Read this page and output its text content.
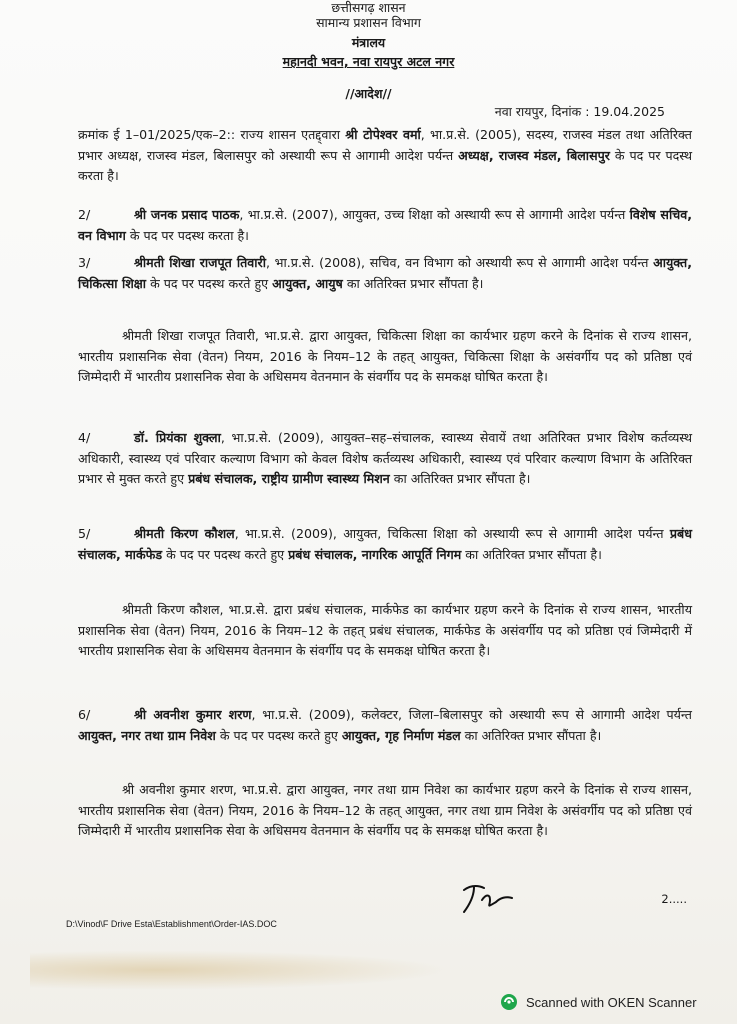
छत्तीसगढ़ शासन
सामान्य प्रशासन विभाग
मंत्रालय
महानदी भवन, नवा रायपुर अटल नगर
//आदेश//
नवा रायपुर, दिनांक : 19.04.2025

क्रमांक ई 1–01/2025/एक–2:: राज्य शासन एतद्द्वारा श्री टोपेश्वर वर्मा, भा.प्र.से. (2005), सदस्य, राजस्व मंडल तथा अतिरिक्त प्रभार अध्यक्ष, राजस्व मंडल, बिलासपुर को अस्थायी रूप से आगामी आदेश पर्यन्त अध्यक्ष, राजस्व मंडल, बिलासपुर के पद पर पदस्थ करता है।

2/	श्री जनक प्रसाद पाठक, भा.प्र.से. (2007), आयुक्त, उच्च शिक्षा को अस्थायी रूप से आगामी आदेश पर्यन्त विशेष सचिव, वन विभाग के पद पर पदस्थ करता है।

3/	श्रीमती शिखा राजपूत तिवारी, भा.प्र.से. (2008), सचिव, वन विभाग को अस्थायी रूप से आगामी आदेश पर्यन्त आयुक्त, चिकित्सा शिक्षा के पद पर पदस्थ करते हुए आयुक्त, आयुष का अतिरिक्त प्रभार सौंपता है।

श्रीमती शिखा राजपूत तिवारी, भा.प्र.से. द्वारा आयुक्त, चिकित्सा शिक्षा का कार्यभार ग्रहण करने के दिनांक से राज्य शासन, भारतीय प्रशासनिक सेवा (वेतन) नियम, 2016 के नियम–12 के तहत् आयुक्त, चिकित्सा शिक्षा के असंवर्गीय पद को प्रतिष्ठा एवं जिम्मेदारी में भारतीय प्रशासनिक सेवा के अधिसमय वेतनमान के संवर्गीय पद के समकक्ष घोषित करता है।

4/	डॉ. प्रियंका शुक्ला, भा.प्र.से. (2009), आयुक्त–सह–संचालक, स्वास्थ्य सेवायें तथा अतिरिक्त प्रभार विशेष कर्तव्यस्थ अधिकारी, स्वास्थ्य एवं परिवार कल्याण विभाग को केवल विशेष कर्तव्यस्थ अधिकारी, स्वास्थ्य एवं परिवार कल्याण विभाग के अतिरिक्त प्रभार से मुक्त करते हुए प्रबंध संचालक, राष्ट्रीय ग्रामीण स्वास्थ्य मिशन का अतिरिक्त प्रभार सौंपता है।

5/	श्रीमती किरण कौशल, भा.प्र.से. (2009), आयुक्त, चिकित्सा शिक्षा को अस्थायी रूप से आगामी आदेश पर्यन्त प्रबंध संचालक, मार्कफेड के पद पर पदस्थ करते हुए प्रबंध संचालक, नागरिक आपूर्ति निगम का अतिरिक्त प्रभार सौंपता है।

श्रीमती किरण कौशल, भा.प्र.से. द्वारा प्रबंध संचालक, मार्कफेड का कार्यभार ग्रहण करने के दिनांक से राज्य शासन, भारतीय प्रशासनिक सेवा (वेतन) नियम, 2016 के नियम–12 के तहत् प्रबंध संचालक, मार्कफेड के असंवर्गीय पद को प्रतिष्ठा एवं जिम्मेदारी में भारतीय प्रशासनिक सेवा के अधिसमय वेतनमान के संवर्गीय पद के समकक्ष घोषित करता है।

6/	श्री अवनीश कुमार शरण, भा.प्र.से. (2009), कलेक्टर, जिला–बिलासपुर को अस्थायी रूप से आगामी आदेश पर्यन्त आयुक्त, नगर तथा ग्राम निवेश के पद पर पदस्थ करते हुए आयुक्त, गृह निर्माण मंडल का अतिरिक्त प्रभार सौंपता है।

श्री अवनीश कुमार शरण, भा.प्र.से. द्वारा आयुक्त, नगर तथा ग्राम निवेश का कार्यभार ग्रहण करने के दिनांक से राज्य शासन, भारतीय प्रशासनिक सेवा (वेतन) नियम, 2016 के नियम–12 के तहत् आयुक्त, नगर तथा ग्राम निवेश के असंवर्गीय पद को प्रतिष्ठा एवं जिम्मेदारी में भारतीय प्रशासनिक सेवा के अधिसमय वेतनमान के संवर्गीय पद के समकक्ष घोषित करता है।

2.....
D:\Vinod\F Drive Esta\Establishment\Order-IAS.DOC
Scanned with OKEN Scanner
